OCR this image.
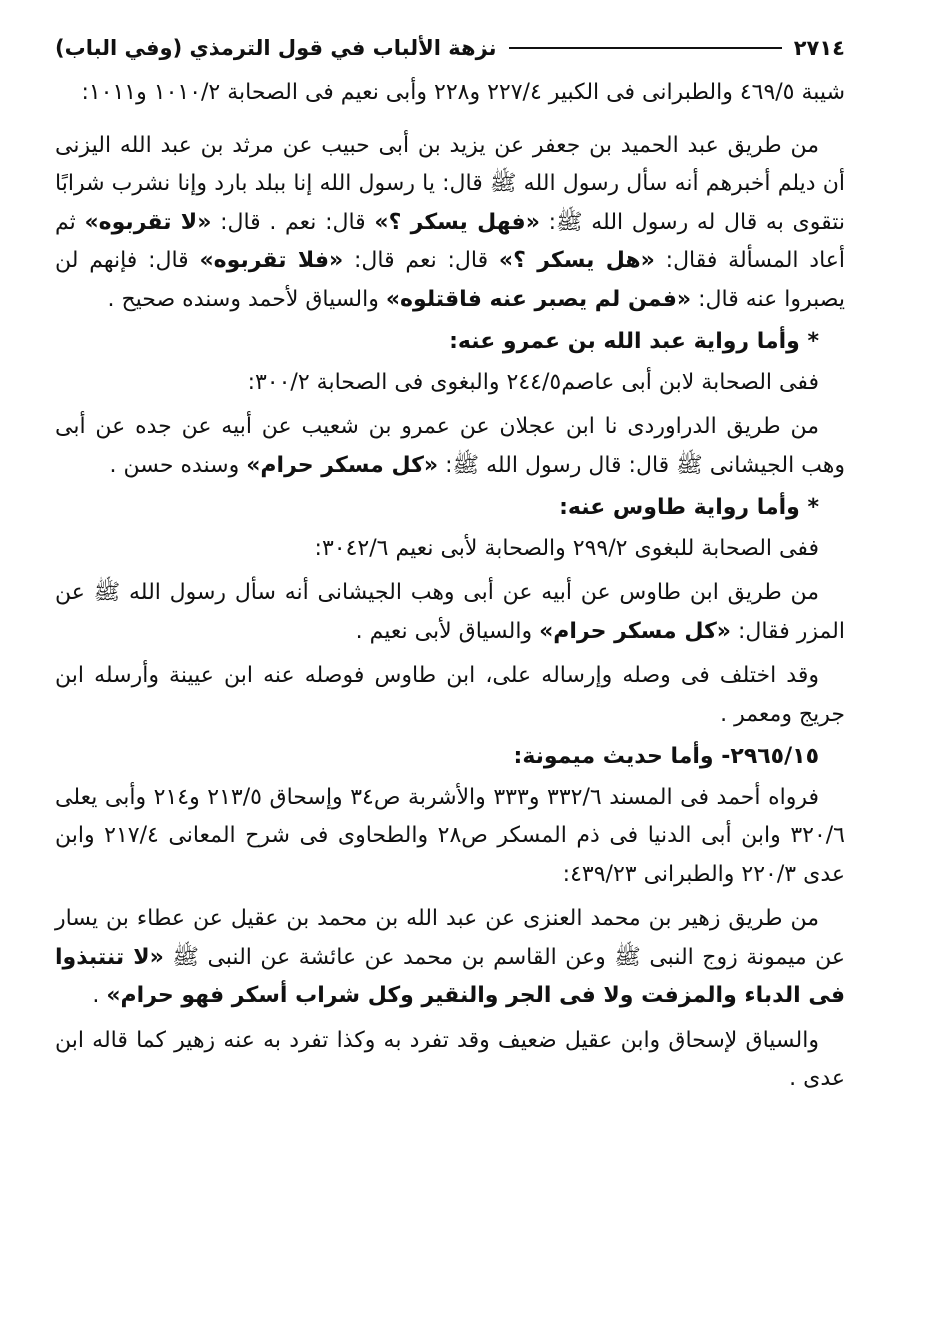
٢٧١٤
نزهة الألباب في قول الترمذي (وفي الباب)

شيبة ٤٦٩/٥ والطبرانى فى الكبير ٢٢٧/٤ و٢٢٨ وأبى نعيم فى الصحابة ١٠١٠/٢ و١٠١١:

من طريق عبد الحميد بن جعفر عن يزيد بن أبى حبيب عن مرثد بن عبد الله اليزنى أن ديلم أخبرهم أنه سأل رسول الله ﷺ قال: يا رسول الله إنا ببلد بارد وإنا نشرب شرابًا نتقوى به قال له رسول الله ﷺ: «فهل يسكر ؟» قال: نعم . قال: «لا تقربوه» ثم أعاد المسألة فقال: «هل يسكر ؟» قال: نعم قال: «فلا تقربوه» قال: فإنهم لن يصبروا عنه قال: «فمن لم يصبر عنه فاقتلوه» والسياق لأحمد وسنده صحيح .

* وأما رواية عبد الله بن عمرو عنه:

ففى الصحابة لابن أبى عاصم٢٤٤/٥ والبغوى فى الصحابة ٣٠٠/٢:

من طريق الدراوردى نا ابن عجلان عن عمرو بن شعيب عن أبيه عن جده عن أبى وهب الجيشانى ﷺ قال: قال رسول الله ﷺ: «كل مسكر حرام» وسنده حسن .

* وأما رواية طاوس عنه:

ففى الصحابة للبغوى ٢٩٩/٢ والصحابة لأبى نعيم ٣٠٤٢/٦:

من طريق ابن طاوس عن أبيه عن أبى وهب الجيشانى أنه سأل رسول الله ﷺ عن المزر فقال: «كل مسكر حرام» والسياق لأبى نعيم .

وقد اختلف فى وصله وإرساله على، ابن طاوس فوصله عنه ابن عيينة وأرسله ابن جريج ومعمر .

٢٩٦٥/١٥- وأما حديث ميمونة:

فرواه أحمد فى المسند ٣٣٢/٦ و٣٣٣ والأشربة ص٣٤ وإسحاق ٢١٣/٥ و٢١٤ وأبى يعلى ٣٢٠/٦ وابن أبى الدنيا فى ذم المسكر ص٢٨ والطحاوى فى شرح المعانى ٢١٧/٤ وابن عدى ٢٢٠/٣ والطبرانى ٤٣٩/٢٣:

من طريق زهير بن محمد العنزى عن عبد الله بن محمد بن عقيل عن عطاء بن يسار عن ميمونة زوج النبى ﷺ وعن القاسم بن محمد عن عائشة عن النبى ﷺ «لا تنتبذوا فى الدباء والمزفت ولا فى الجر والنقير وكل شراب أسكر فهو حرام» .

والسياق لإسحاق وابن عقيل ضعيف وقد تفرد به وكذا تفرد به عنه زهير كما قاله ابن عدى .
